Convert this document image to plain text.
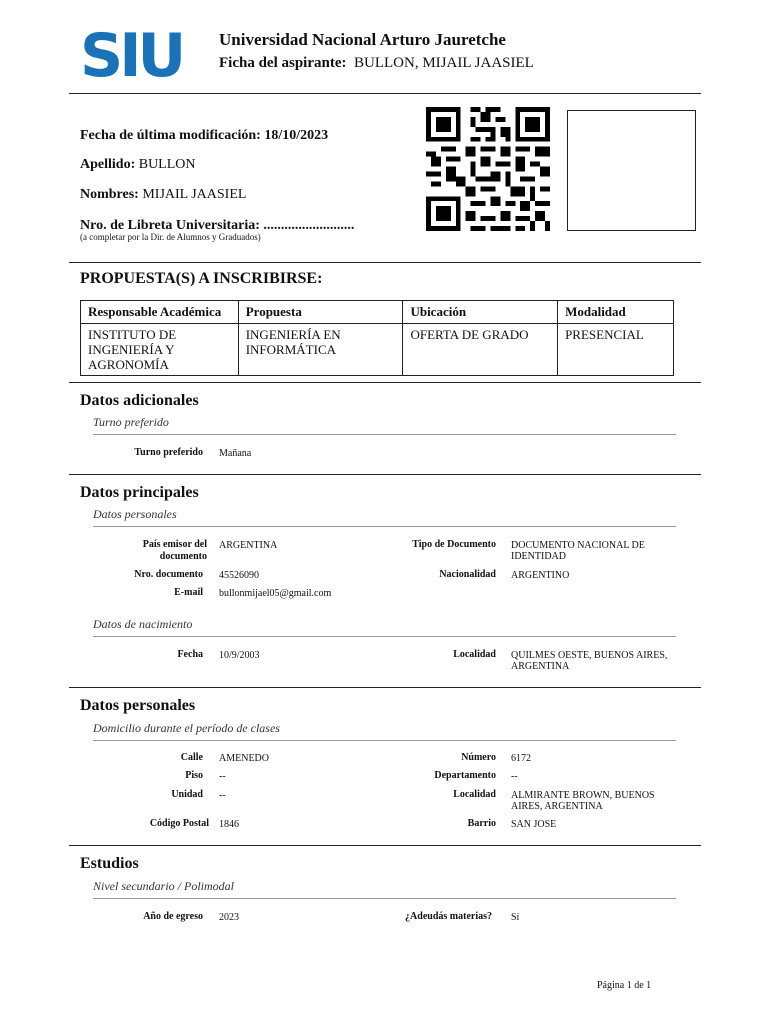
SIU Universidad Nacional Arturo Jauretche
Ficha del aspirante: BULLON, MIJAIL JAASIEL
Fecha de última modificación: 18/10/2023
Apellido: BULLON
Nombres: MIJAIL JAASIEL
Nro. de Libreta Universitaria: ..........................
(a completar por la Dir. de Alumnos y Graduados)
PROPUESTA(S) A INSCRIBIRSE:
Responsable Académica	Propuesta	Ubicación	Modalidad
INSTITUTO DE INGENIERÍA Y AGRONOMÍA	INGENIERÍA EN INFORMÁTICA	OFERTA DE GRADO	PRESENCIAL
Datos adicionales
Turno preferido
Turno preferido Mañana
Datos principales
Datos personales
País emisor del documento
ARGENTINA	Tipo de Documento DOCUMENTO NACIONAL DE IDENTIDAD
Nro. documento 45526090	Nacionalidad ARGENTINO
E-mail bullonmijael05@gmail.com
Datos de nacimiento
Fecha 10/9/2003	Localidad QUILMES OESTE, BUENOS AIRES, ARGENTINA
Datos personales
Domicilio durante el período de clases
Calle AMENEDO	Número 6172
Piso --	Departamento --
Unidad --	Localidad ALMIRANTE BROWN, BUENOS AIRES, ARGENTINA
Código Postal 1846	Barrio SAN JOSE
Estudios
Nivel secundario / Polimodal
Año de egreso 2023	¿Adeudás materias? Sí
Página 1 de 1
